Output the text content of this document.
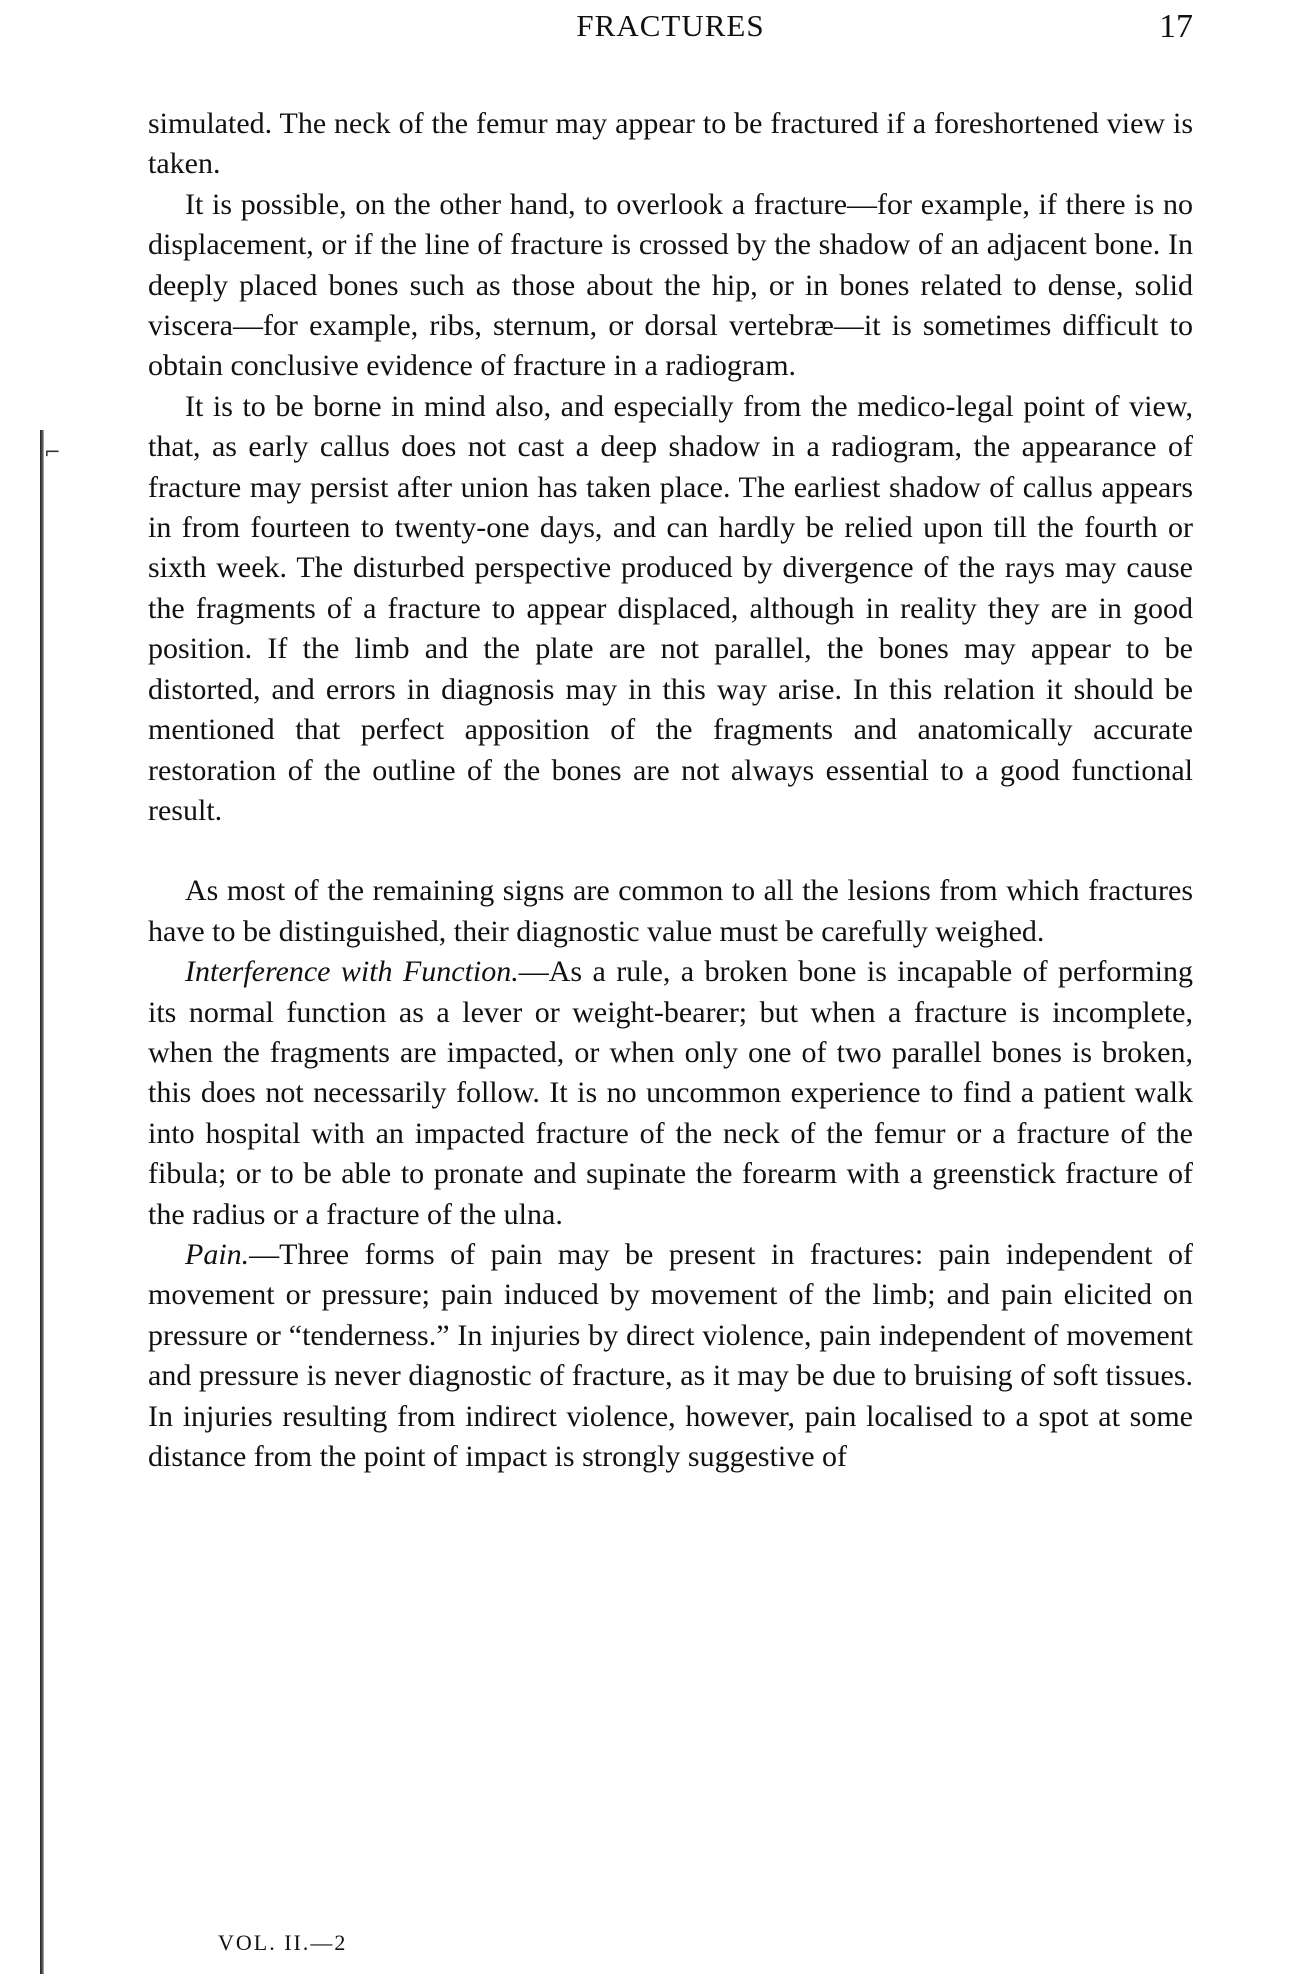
⌐
FRACTURES	17

simulated. The neck of the femur may appear to be fractured if a foreshortened view is taken.

It is possible, on the other hand, to overlook a fracture—for example, if there is no displacement, or if the line of fracture is crossed by the shadow of an adjacent bone. In deeply placed bones such as those about the hip, or in bones related to dense, solid viscera—for example, ribs, sternum, or dorsal vertebræ—it is sometimes difficult to obtain conclusive evidence of fracture in a radiogram.

It is to be borne in mind also, and especially from the medico-legal point of view, that, as early callus does not cast a deep shadow in a radiogram, the appearance of fracture may persist after union has taken place. The earliest shadow of callus appears in from fourteen to twenty-one days, and can hardly be relied upon till the fourth or sixth week. The disturbed perspective produced by divergence of the rays may cause the fragments of a fracture to appear displaced, although in reality they are in good position. If the limb and the plate are not parallel, the bones may appear to be distorted, and errors in diagnosis may in this way arise. In this relation it should be mentioned that perfect apposition of the fragments and anatomically accurate restoration of the outline of the bones are not always essential to a good functional result.

As most of the remaining signs are common to all the lesions from which fractures have to be distinguished, their diagnostic value must be carefully weighed.

Interference with Function.—As a rule, a broken bone is incapable of performing its normal function as a lever or weight-bearer; but when a fracture is incomplete, when the fragments are impacted, or when only one of two parallel bones is broken, this does not necessarily follow. It is no uncommon experience to find a patient walk into hospital with an impacted fracture of the neck of the femur or a fracture of the fibula; or to be able to pronate and supinate the forearm with a greenstick fracture of the radius or a fracture of the ulna.

Pain.—Three forms of pain may be present in fractures: pain independent of movement or pressure; pain induced by movement of the limb; and pain elicited on pressure or “tenderness.” In injuries by direct violence, pain independent of movement and pressure is never diagnostic of fracture, as it may be due to bruising of soft tissues. In injuries resulting from indirect violence, however, pain localised to a spot at some distance from the point of impact is strongly suggestive of

VOL. II.—2
